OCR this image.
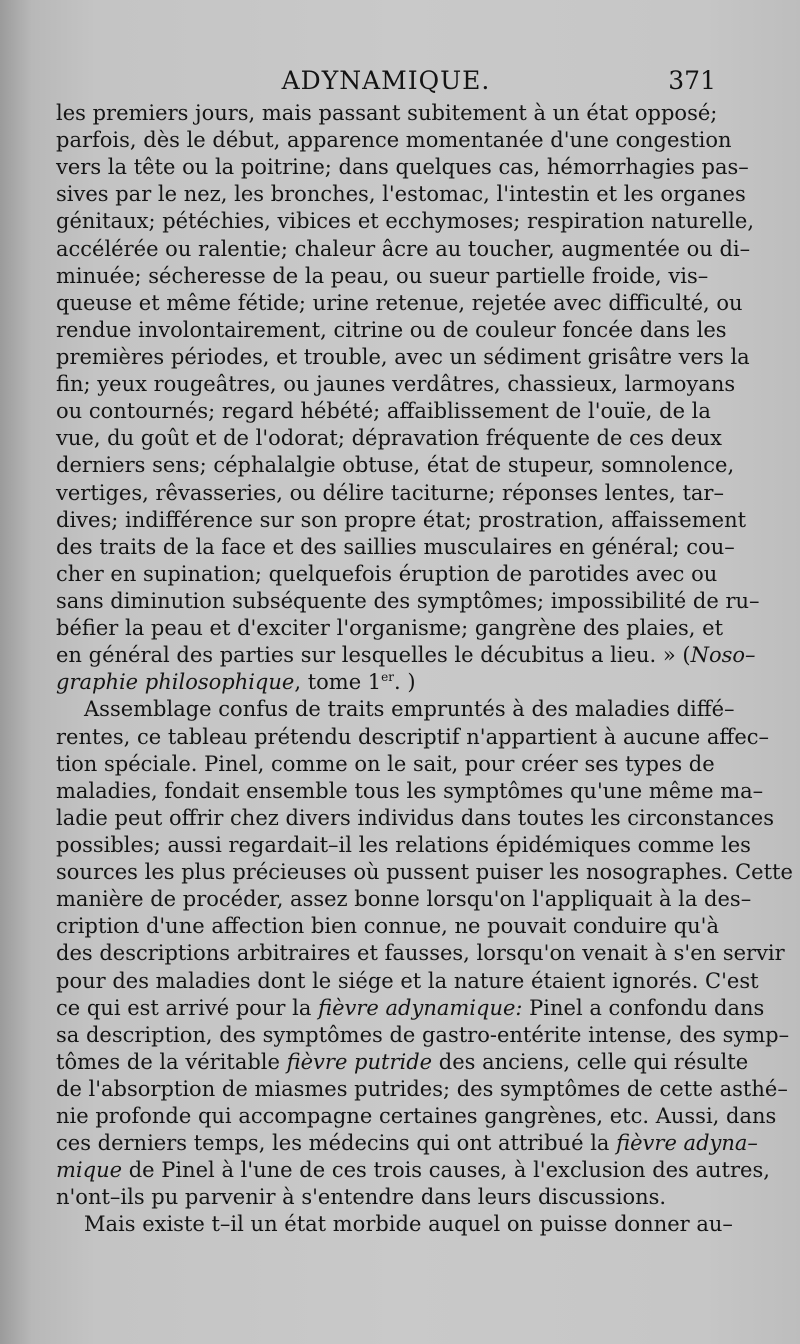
ADYNAMIQUE.	371
les premiers jours, mais passant subitement à un état opposé;
parfois, dès le début, apparence momentanée d'une congestion
vers la tête ou la poitrine; dans quelques cas, hémorrhagies pas–
sives par le nez, les bronches, l'estomac, l'intestin et les organes
génitaux; pétéchies, vibices et ecchymoses; respiration naturelle,
accélérée ou ralentie; chaleur âcre au toucher, augmentée ou di–
minuée; sécheresse de la peau, ou sueur partielle froide, vis–
queuse et même fétide; urine retenue, rejetée avec difficulté, ou
rendue involontairement, citrine ou de couleur foncée dans les
premières périodes, et trouble, avec un sédiment grisâtre vers la
fin; yeux rougeâtres, ou jaunes verdâtres, chassieux, larmoyans
ou contournés; regard hébété; affaiblissement de l'ouïe, de la
vue, du goût et de l'odorat; dépravation fréquente de ces deux
derniers sens; céphalalgie obtuse, état de stupeur, somnolence,
vertiges, rêvasseries, ou délire taciturne; réponses lentes, tar–
dives; indifférence sur son propre état; prostration, affaissement
des traits de la face et des saillies musculaires en général; cou–
cher en supination; quelquefois éruption de parotides avec ou
sans diminution subséquente des symptômes; impossibilité de ru–
béfier la peau et d'exciter l'organisme; gangrène des plaies, et
en général des parties sur lesquelles le décubitus a lieu. » (Noso–
graphie philosophique, tome 1er. )
Assemblage confus de traits empruntés à des maladies diffé–
rentes, ce tableau prétendu descriptif n'appartient à aucune affec–
tion spéciale. Pinel, comme on le sait, pour créer ses types de
maladies, fondait ensemble tous les symptômes qu'une même ma–
ladie peut offrir chez divers individus dans toutes les circonstances
possibles; aussi regardait–il les relations épidémiques comme les
sources les plus précieuses où pussent puiser les nosographes. Cette
manière de procéder, assez bonne lorsqu'on l'appliquait à la des–
cription d'une affection bien connue, ne pouvait conduire qu'à
des descriptions arbitraires et fausses, lorsqu'on venait à s'en servir
pour des maladies dont le siége et la nature étaient ignorés. C'est
ce qui est arrivé pour la fièvre adynamique: Pinel a confondu dans
sa description, des symptômes de gastro-entérite intense, des symp–
tômes de la véritable fièvre putride des anciens, celle qui résulte
de l'absorption de miasmes putrides; des symptômes de cette asthé–
nie profonde qui accompagne certaines gangrènes, etc. Aussi, dans
ces derniers temps, les médecins qui ont attribué la fièvre adyna–
mique de Pinel à l'une de ces trois causes, à l'exclusion des autres,
n'ont–ils pu parvenir à s'entendre dans leurs discussions.
Mais existe t–il un état morbide auquel on puisse donner au–
